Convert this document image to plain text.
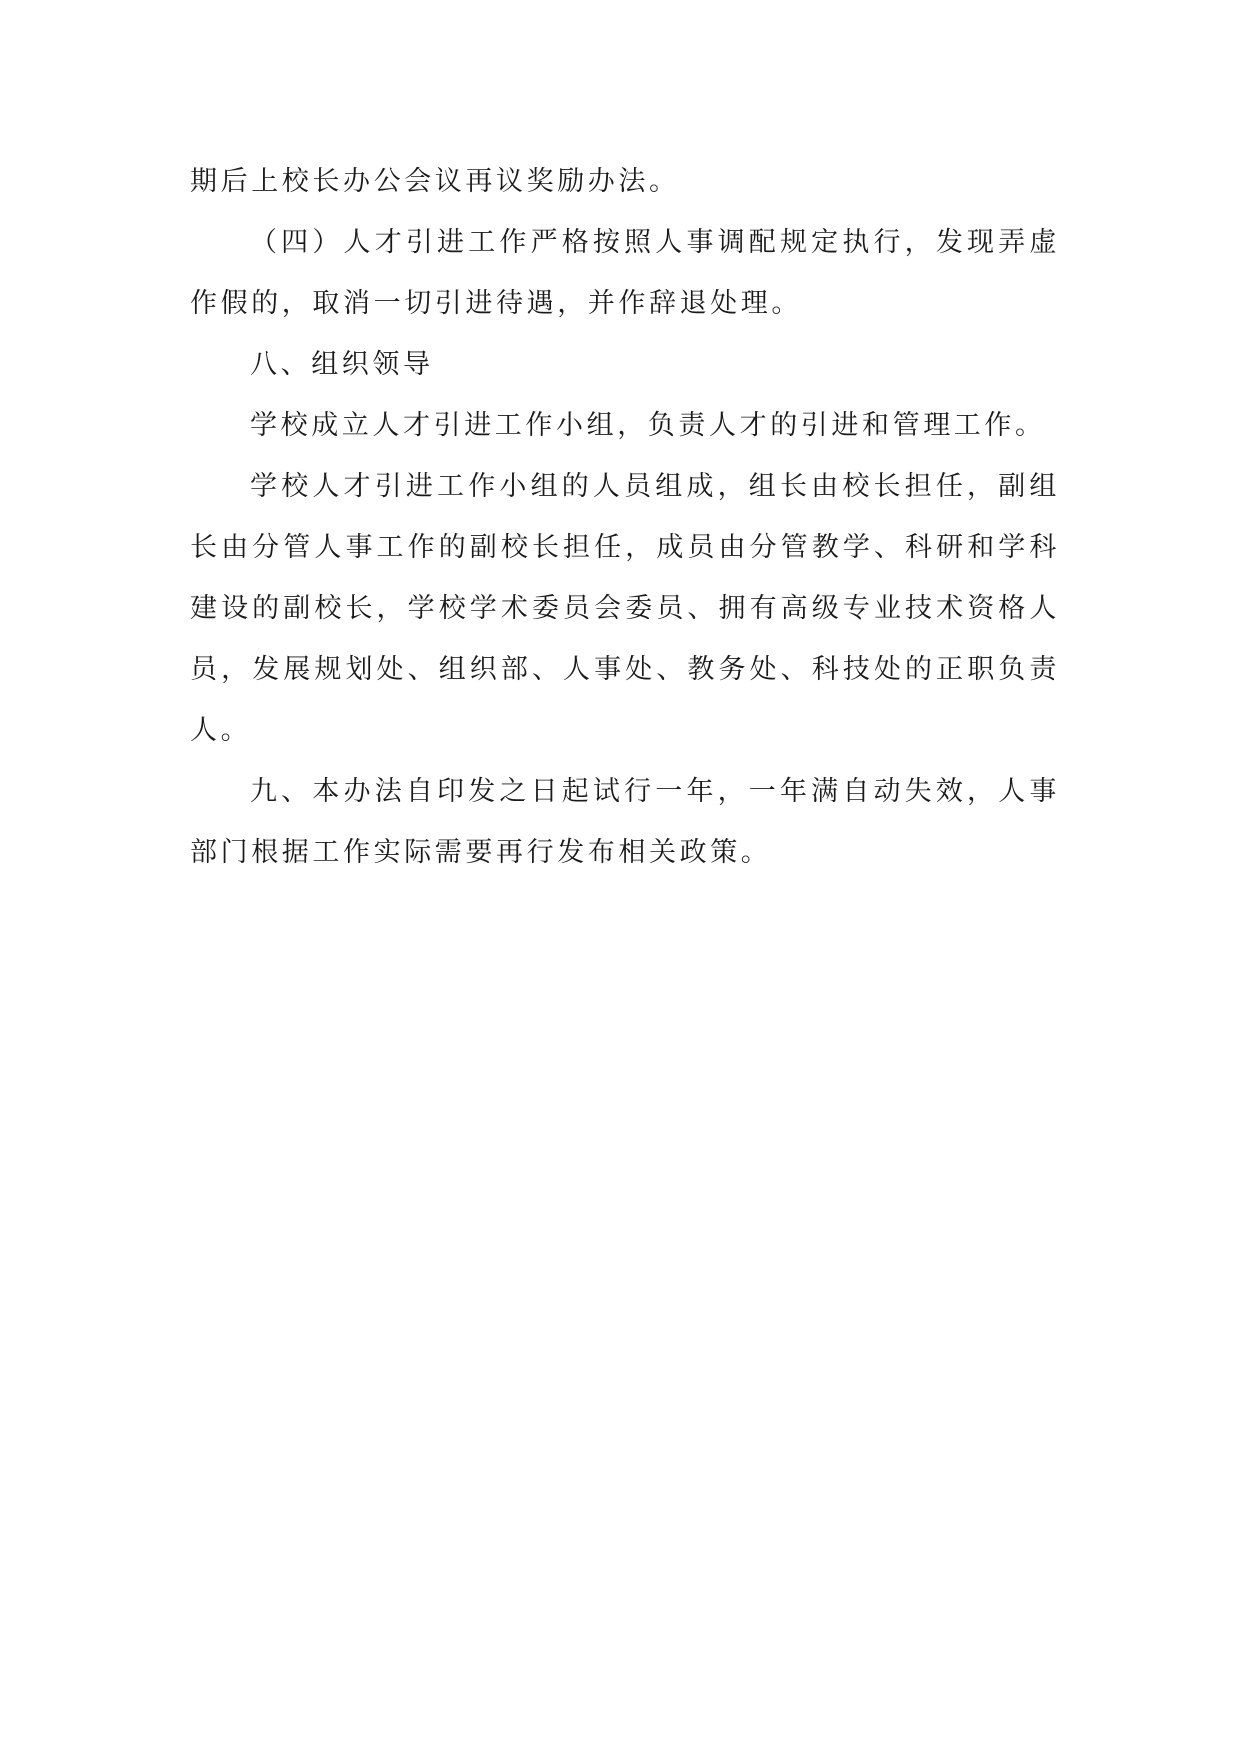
期后上校长办公会议再议奖励办法。

（四）人才引进工作严格按照人事调配规定执行，发现弄虚作假的，取消一切引进待遇，并作辞退处理。

八、组织领导

学校成立人才引进工作小组，负责人才的引进和管理工作。

学校人才引进工作小组的人员组成，组长由校长担任，副组长由分管人事工作的副校长担任，成员由分管教学、科研和学科建设的副校长，学校学术委员会委员、拥有高级专业技术资格人员，发展规划处、组织部、人事处、教务处、科技处的正职负责人。

九、本办法自印发之日起试行一年，一年满自动失效，人事部门根据工作实际需要再行发布相关政策。
